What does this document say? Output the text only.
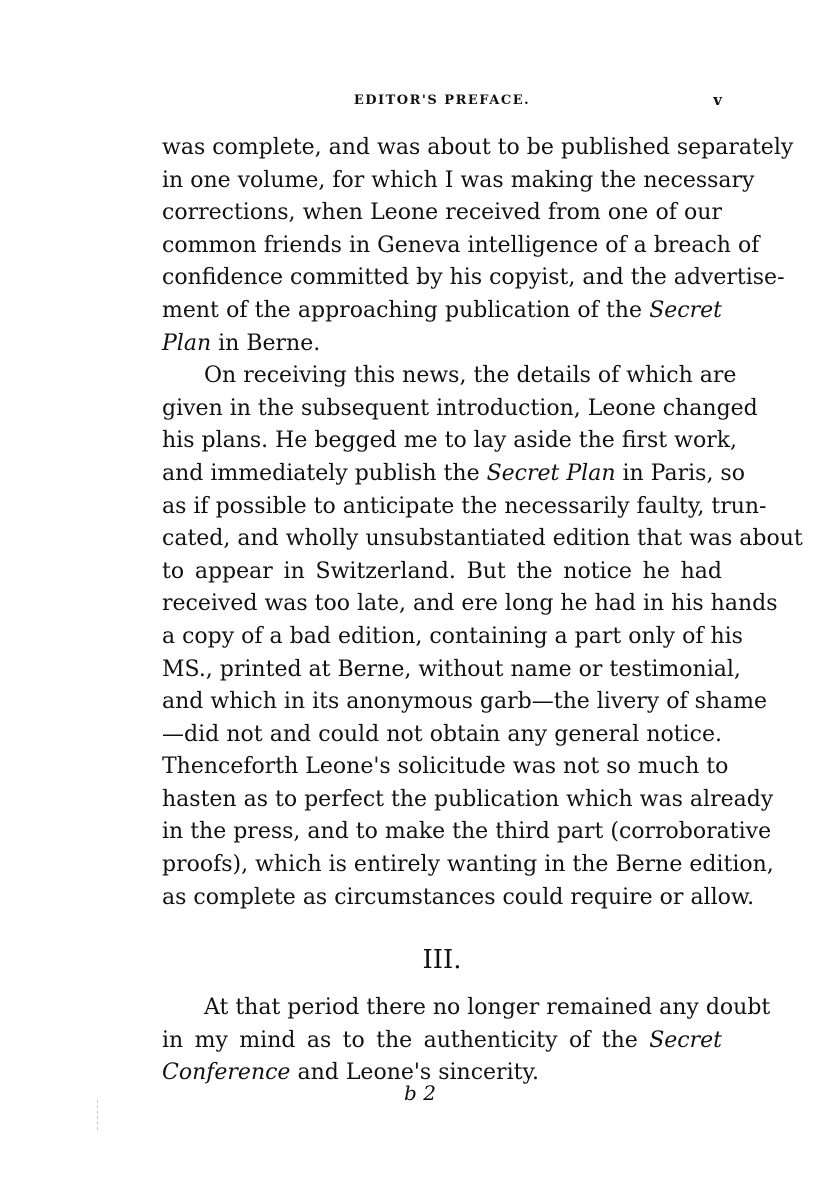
EDITOR'S PREFACE.	v
was complete, and was about to be published separately
in one volume, for which I was making the necessary
corrections, when Leone received from one of our
common friends in Geneva intelligence of a breach of
confidence committed by his copyist, and the advertise-
ment of the approaching publication of the Secret
Plan in Berne.
On receiving this news, the details of which are
given in the subsequent introduction, Leone changed
his plans. He begged me to lay aside the first work,
and immediately publish the Secret Plan in Paris, so
as if possible to anticipate the necessarily faulty, trun-
cated, and wholly unsubstantiated edition that was about
to appear in Switzerland. But the notice he had
received was too late, and ere long he had in his hands
a copy of a bad edition, containing a part only of his
MS., printed at Berne, without name or testimonial,
and which in its anonymous garb—the livery of shame
—did not and could not obtain any general notice.
Thenceforth Leone's solicitude was not so much to
hasten as to perfect the publication which was already
in the press, and to make the third part (corroborative
proofs), which is entirely wanting in the Berne edition,
as complete as circumstances could require or allow.
III.
At that period there no longer remained any doubt
in my mind as to the authenticity of the Secret
Conference and Leone's sincerity.
b 2
